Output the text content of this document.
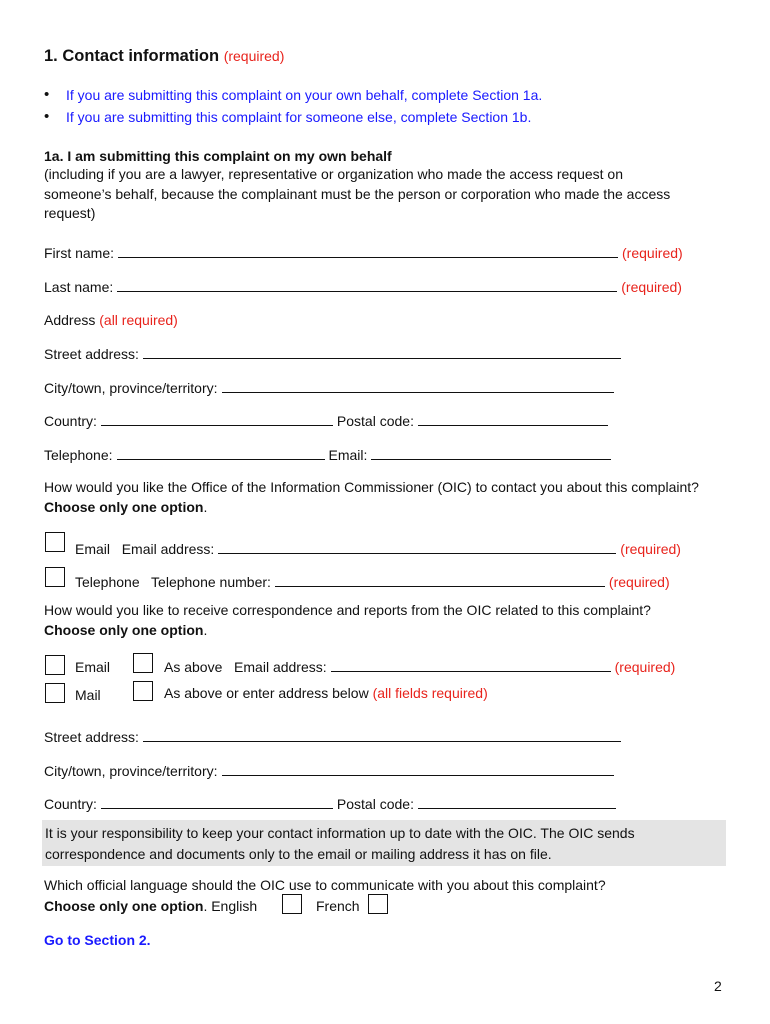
1. Contact information (required)
• If you are submitting this complaint on your own behalf, complete Section 1a.
• If you are submitting this complaint for someone else, complete Section 1b.
1a. I am submitting this complaint on my own behalf
(including if you are a lawyer, representative or organization who made the access request on someone’s behalf, because the complainant must be the person or corporation who made the access request)
First name:	(required)
Last name:	(required)
Address (all required)
Street address:
City/town, province/territory:
Country:	Postal code:
Telephone:	Email:
How would you like the Office of the Information Commissioner (OIC) to contact you about this complaint? Choose only one option.
Email Email address:	(required)
Telephone Telephone number:	(required)
How would you like to receive correspondence and reports from the OIC related to this complaint? Choose only one option.
Email	As above Email address:	(required)
Mail	As above or enter address below (all fields required)
Street address:
City/town, province/territory:
Country:	Postal code:
It is your responsibility to keep your contact information up to date with the OIC. The OIC sends correspondence and documents only to the email or mailing address it has on file.
Which official language should the OIC use to communicate with you about this complaint?
Choose only one option. English	French
Go to Section 2.
2
